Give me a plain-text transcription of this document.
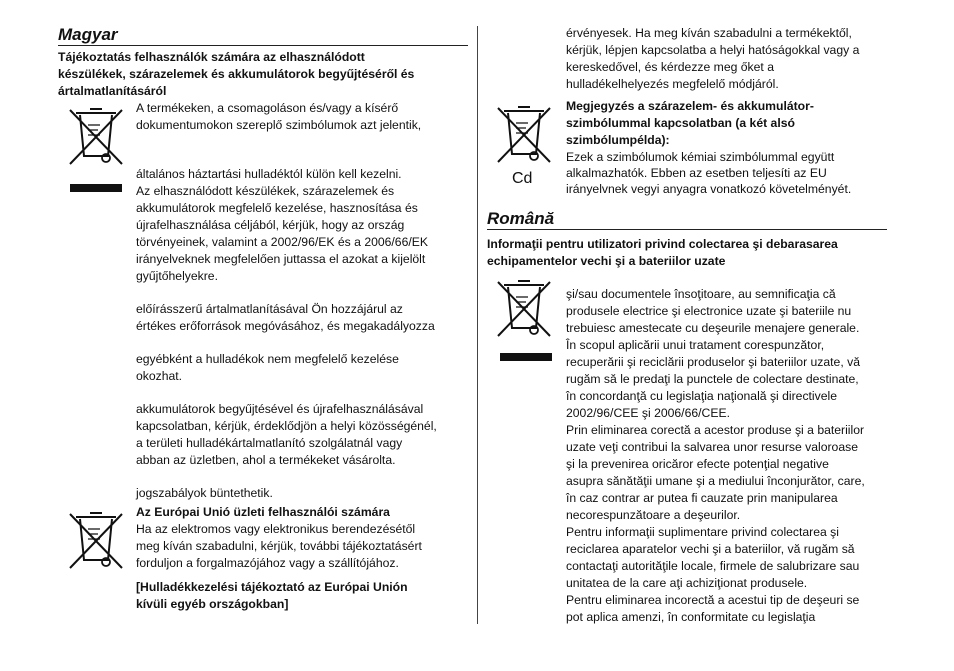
Magyar
Tájékoztatás felhasználók számára az elhasználódott
készülékek, szárazelemek és akkumulátorok begyűjtéséről és
ártalmatlanításáról
A termékeken, a csomagoláson és/vagy a kísérő
dokumentumokon szereplő szimbólumok azt jelentik,
általános háztartási hulladéktól külön kell kezelni.
Az elhasználódott készülékek, szárazelemek és
akkumulátorok megfelelő kezelése, hasznosítása és
újrafelhasználása céljából, kérjük, hogy az ország
törvényeinek, valamint a 2002/96/EK és a 2006/66/EK
irányelveknek megfelelően juttassa el azokat a kijelölt
gyűjtőhelyekre.
előírásszerű ártalmatlanításával Ön hozzájárul az
értékes erőforrások megóvásához, és megakadályozza
egyébként a hulladékok nem megfelelő kezelése
okozhat.
akkumulátorok begyűjtésével és újrafelhasználásával
kapcsolatban, kérjük, érdeklődjön a helyi közösségénél,
a területi hulladékártalmatlanító szolgálatnál vagy
abban az üzletben, ahol a termékeket vásárolta.
jogszabályok büntethetik.
Az Európai Unió üzleti felhasználói számára
Ha az elektromos vagy elektronikus berendezésétől
meg kíván szabadulni, kérjük, további tájékoztatásért
forduljon a forgalmazójához vagy a szállítójához.
[Hulladékkezelési tájékoztató az Európai Unión
kívüli egyéb országokban]
érvényesek. Ha meg kíván szabadulni a termékektől,
kérjük, lépjen kapcsolatba a helyi hatóságokkal vagy a
kereskedővel, és kérdezze meg őket a
hulladékelhelyezés megfelelő módjáról.
Cd
Megjegyzés a szárazelem- és akkumulátor-
szimbólummal kapcsolatban (a két alsó
szimbólumpélda):
Ezek a szimbólumok kémiai szimbólummal együtt
alkalmazhatók. Ebben az esetben teljesíti az EU
irányelvnek vegyi anyagra vonatkozó követelményét.
Română
Informaţii pentru utilizatori privind colectarea şi debarasarea
echipamentelor vechi şi a bateriilor uzate
şi/sau documentele însoţitoare, au semnificaţia că
produsele electrice şi electronice uzate şi bateriile nu
trebuiesc amestecate cu deşeurile menajere generale.
În scopul aplicării unui tratament corespunzător,
recuperării şi reciclării produselor şi bateriilor uzate, vă
rugăm să le predaţi la punctele de colectare destinate,
în concordanţă cu legislaţia naţională şi directivele
2002/96/CEE şi 2006/66/CEE.
Prin eliminarea corectă a acestor produse şi a bateriilor
uzate veţi contribui la salvarea unor resurse valoroase
şi la prevenirea oricăror efecte potenţial negative
asupra sănătăţii umane şi a mediului înconjurător, care,
în caz contrar ar putea fi cauzate prin manipularea
necorespunzătoare a deşeurilor.
Pentru informaţii suplimentare privind colectarea şi
reciclarea aparatelor vechi şi a bateriilor, vă rugăm să
contactaţi autorităţile locale, firmele de salubrizare sau
unitatea de la care aţi achiziţionat produsele.
Pentru eliminarea incorectă a acestui tip de deşeuri se
pot aplica amenzi, în conformitate cu legislaţia
